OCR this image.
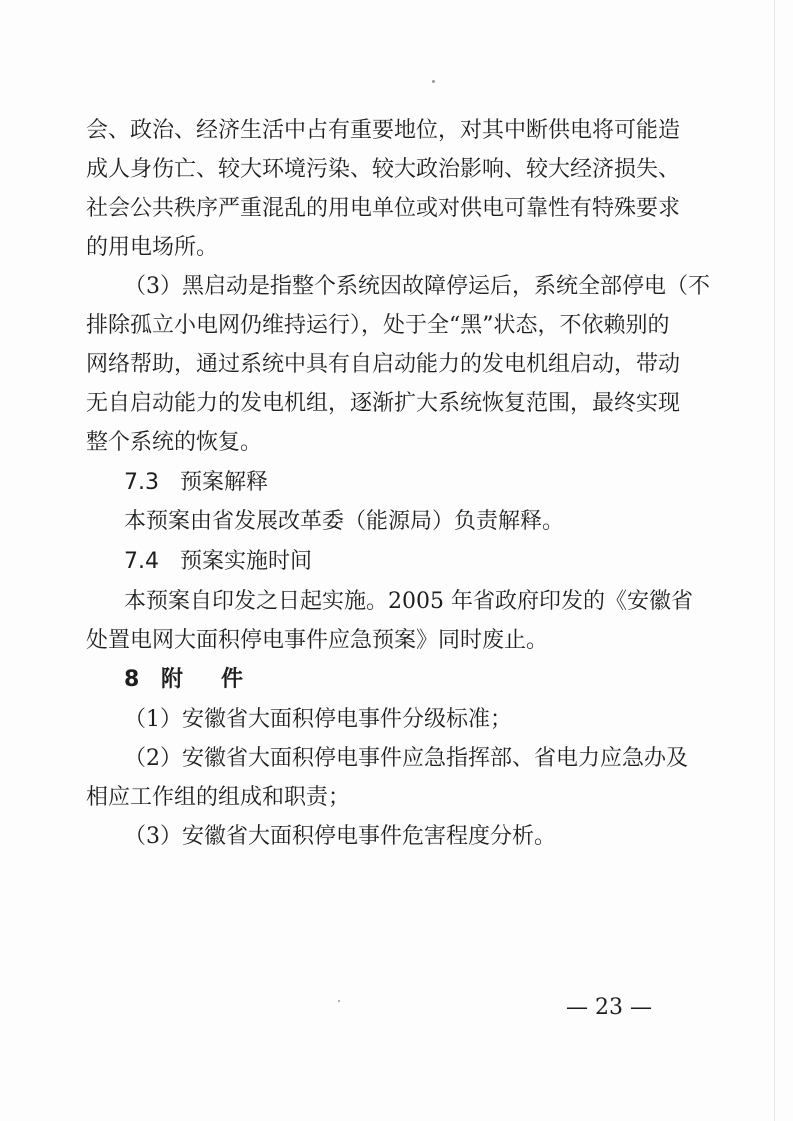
会、政治、经济生活中占有重要地位，对其中断供电将可能造
成人身伤亡、较大环境污染、较大政治影响、较大经济损失、
社会公共秩序严重混乱的用电单位或对供电可靠性有特殊要求
的用电场所。
（3）黑启动是指整个系统因故障停运后，系统全部停电（不
排除孤立小电网仍维持运行），处于全“黑”状态，不依赖别的
网络帮助，通过系统中具有自启动能力的发电机组启动，带动
无自启动能力的发电机组，逐渐扩大系统恢复范围，最终实现
整个系统的恢复。
7.3 预案解释
本预案由省发展改革委（能源局）负责解释。
7.4 预案实施时间
本预案自印发之日起实施。2005 年省政府印发的《安徽省
处置电网大面积停电事件应急预案》同时废止。
8 附　件
（1）安徽省大面积停电事件分级标准；
（2）安徽省大面积停电事件应急指挥部、省电力应急办及
相应工作组的组成和职责；
（3）安徽省大面积停电事件危害程度分析。
— 23 —
